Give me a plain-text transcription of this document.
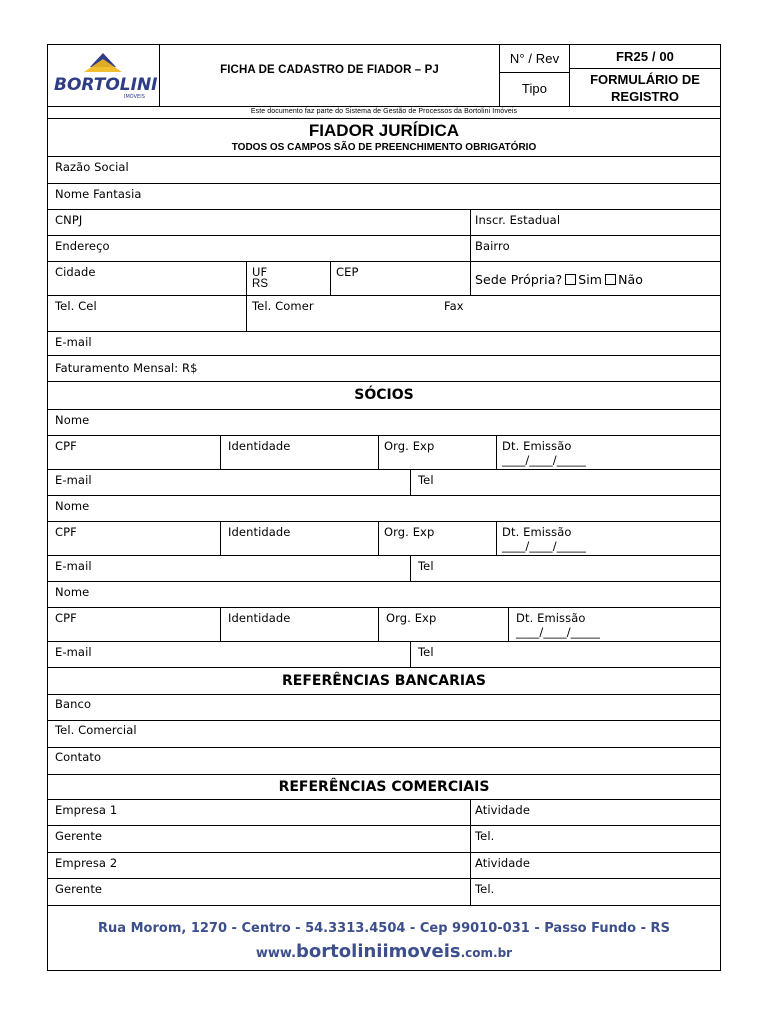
BORTOLINI
IMÓVEIS
FICHA DE CADASTRO DE FIADOR – PJ
N° / Rev	FR25 / 00
Tipo
FORMULÁRIO DE REGISTRO
Este documento faz parte do Sistema de Gestão de Processos da Bortolini Imóveis
FIADOR JURÍDICA
TODOS OS CAMPOS SÃO DE PREENCHIMENTO OBRIGATÓRIO
Razão Social
Nome Fantasia
CNPJ	Inscr. Estadual
Endereço	Bairro
Cidade	UF
RS
CEP	Sede Própria? Sim Não
Tel. Cel	Tel. Comer	Fax
E-mail
Faturamento Mensal: R$
SÓCIOS
Nome
CPF	Identidade	Org. Exp	Dt. Emissão
____/____/_____
E-mail	Tel
Nome
CPF	Identidade	Org. Exp	Dt. Emissão
____/____/_____
E-mail	Tel
Nome
CPF	Identidade	Org. Exp	Dt. Emissão
____/____/_____
E-mail	Tel
REFERÊNCIAS BANCARIAS
Banco
Tel. Comercial
Contato
REFERÊNCIAS COMERCIAIS
Empresa 1	Atividade
Gerente	Tel.
Empresa 2	Atividade
Gerente	Tel.
Rua Morom, 1270 - Centro - 54.3313.4504 - Cep 99010-031 - Passo Fundo - RS
www.bortoliniimoveis.com.br
